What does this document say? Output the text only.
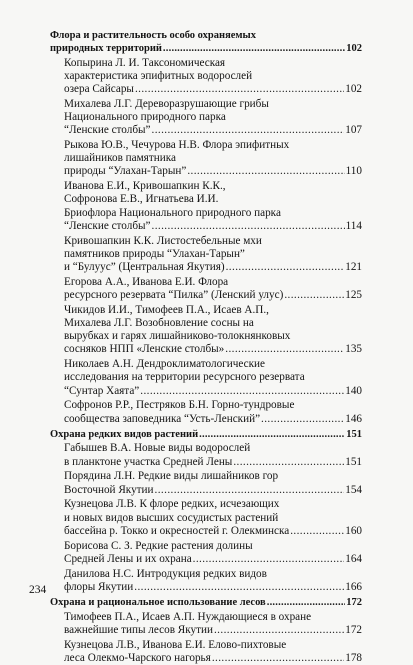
Флора и растительность особо охраняемых
природных территорий . . .	102
Копырина Л. И. Таксономическая
характеристика эпифитных водорослей
озера Сайсары . . .	102
Михалева Л.Г. Дереворазрушающие грибы
Национального природного парка
“Ленские столбы” . . .	107
Рыкова Ю.В., Чечурова Н.В. Флора эпифитных
лишайников памятника
природы “Улахан-Тарын” . . .	110
Иванова Е.И., Кривошапкин К.К.,
Софронова Е.В., Игнатьева И.И.
Бриофлора Национального природного парка
“Ленские столбы” . . .	114
Кривошапкин К.К. Листостебельные мхи
памятников природы “Улахан-Тарын”
и “Булуус” (Центральная Якутия) . . .	121
Егорова А.А., Иванова Е.И. Флора
ресурсного резервата “Пилка” (Ленский улус) . . .	125
Чикидов И.И., Тимофеев П.А., Исаев А.П.,
Михалева Л.Г. Возобновление сосны на
вырубках и гарях лишайниково-толокнянковых
сосняков НПП «Ленские столбы» . . .	135
Николаев А.Н. Дендроклиматологические
исследования на территории ресурсного резервата
“Сунтар Хаята” . . .	140
Софронов Р.Р., Пестряков Б.Н. Горно-тундровые
сообщества заповедника “Усть-Ленский” . . .	146
Охрана редких видов растений . . .	151
Габышев В.А. Новые виды водорослей
в планктоне участка Средней Лены . . .	151
Порядина Л.Н. Редкие виды лишайников гор
Восточной Якутии . . .	154
Кузнецова Л.В. К флоре редких, исчезающих
и новых видов высших сосудистых растений
бассейна р. Токко и окресностей г. Олекминска . . .	160
Борисова С. З. Редкие растения долины
Средней Лены и их охрана . . .	164
Данилова Н.С. Интродукция редких видов
флоры Якутии . . .	166
Охрана и рациональное использование лесов . . .	172
Тимофеев П.А., Исаев А.П. Нуждающиеся в охране
важнейшие типы лесов Якутии . . .	172
Кузнецова Л.В., Иванова Е.И. Елово-пихтовые
леса Олекмо-Чарского нагорья . . .	178
234
